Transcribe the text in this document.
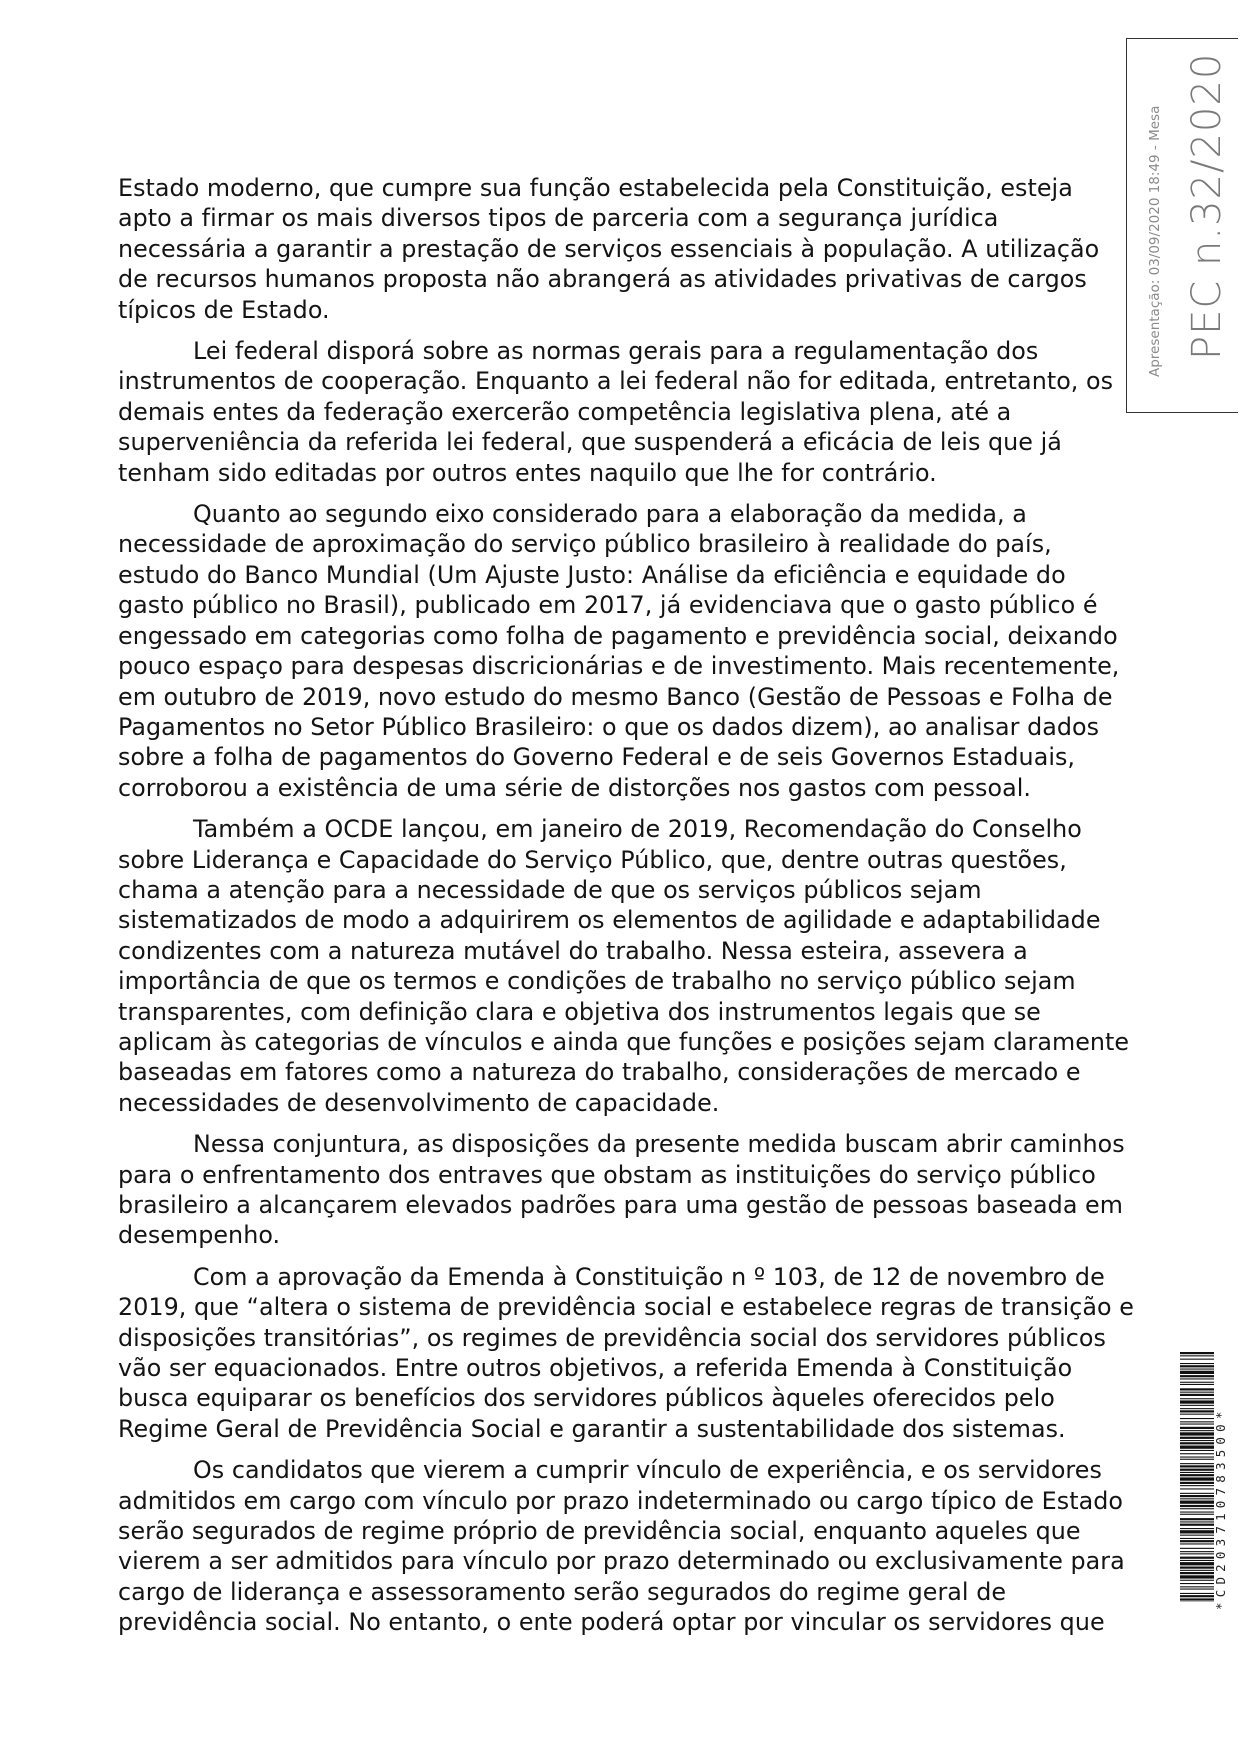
Estado moderno, que cumpre sua função estabelecida pela Constituição, esteja
apto a firmar os mais diversos tipos de parceria com a segurança jurídica
necessária a garantir a prestação de serviços essenciais à população. A utilização
de recursos humanos proposta não abrangerá as atividades privativas de cargos
típicos de Estado.

Lei federal disporá sobre as normas gerais para a regulamentação dos
instrumentos de cooperação. Enquanto a lei federal não for editada, entretanto, os
demais entes da federação exercerão competência legislativa plena, até a
superveniência da referida lei federal, que suspenderá a eficácia de leis que já
tenham sido editadas por outros entes naquilo que lhe for contrário.

Quanto ao segundo eixo considerado para a elaboração da medida, a
necessidade de aproximação do serviço público brasileiro à realidade do país,
estudo do Banco Mundial (Um Ajuste Justo: Análise da eficiência e equidade do
gasto público no Brasil), publicado em 2017, já evidenciava que o gasto público é
engessado em categorias como folha de pagamento e previdência social, deixando
pouco espaço para despesas discricionárias e de investimento. Mais recentemente,
em outubro de 2019, novo estudo do mesmo Banco (Gestão de Pessoas e Folha de
Pagamentos no Setor Público Brasileiro: o que os dados dizem), ao analisar dados
sobre a folha de pagamentos do Governo Federal e de seis Governos Estaduais,
corroborou a existência de uma série de distorções nos gastos com pessoal.

Também a OCDE lançou, em janeiro de 2019, Recomendação do Conselho
sobre Liderança e Capacidade do Serviço Público, que, dentre outras questões,
chama a atenção para a necessidade de que os serviços públicos sejam
sistematizados de modo a adquirirem os elementos de agilidade e adaptabilidade
condizentes com a natureza mutável do trabalho. Nessa esteira, assevera a
importância de que os termos e condições de trabalho no serviço público sejam
transparentes, com definição clara e objetiva dos instrumentos legais que se
aplicam às categorias de vínculos e ainda que funções e posições sejam claramente
baseadas em fatores como a natureza do trabalho, considerações de mercado e
necessidades de desenvolvimento de capacidade.

Nessa conjuntura, as disposições da presente medida buscam abrir caminhos
para o enfrentamento dos entraves que obstam as instituições do serviço público
brasileiro a alcançarem elevados padrões para uma gestão de pessoas baseada em
desempenho.

Com a aprovação da Emenda à Constituição n º 103, de 12 de novembro de
2019, que “altera o sistema de previdência social e estabelece regras de transição e
disposições transitórias”, os regimes de previdência social dos servidores públicos
vão ser equacionados. Entre outros objetivos, a referida Emenda à Constituição
busca equiparar os benefícios dos servidores públicos àqueles oferecidos pelo
Regime Geral de Previdência Social e garantir a sustentabilidade dos sistemas.

Os candidatos que vierem a cumprir vínculo de experiência, e os servidores
admitidos em cargo com vínculo por prazo indeterminado ou cargo típico de Estado
serão segurados de regime próprio de previdência social, enquanto aqueles que
vierem a ser admitidos para vínculo por prazo determinado ou exclusivamente para
cargo de liderança e assessoramento serão segurados do regime geral de
previdência social. No entanto, o ente poderá optar por vincular os servidores que

Apresentação: 03/09/2020 18:49 - Mesa PEC n.32/2020
*CD203710783500*
